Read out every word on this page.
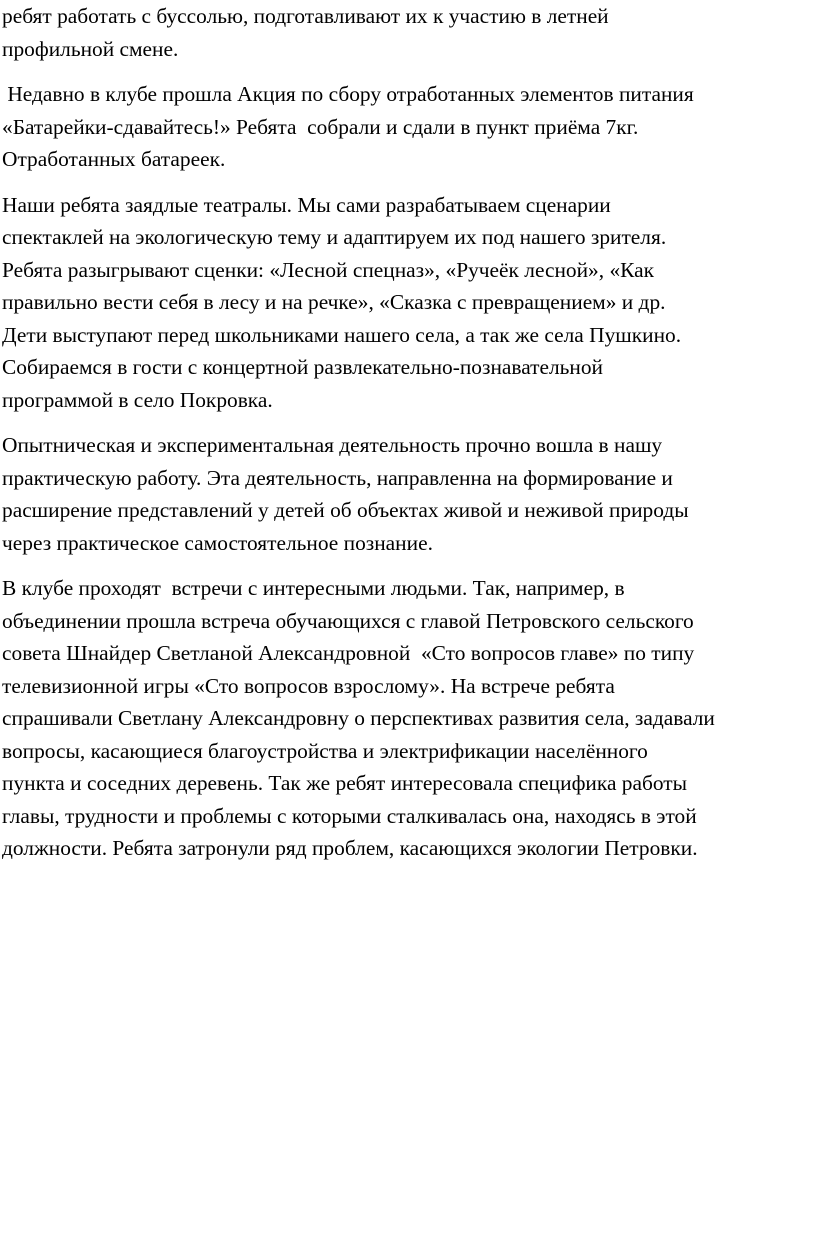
ребят работать с буссолью, подготавливают их к участию в летней
профильной смене.

Недавно в клубе прошла Акция по сбору отработанных элементов питания
«Батарейки-сдавайтесь!» Ребята  собрали и сдали в пункт приёма 7кг.
Отработанных батареек.

Наши ребята заядлые театралы. Мы сами разрабатываем сценарии
спектаклей на экологическую тему и адаптируем их под нашего зрителя.
Ребята разыгрывают сценки: «Лесной спецназ», «Ручеёк лесной», «Как
правильно вести себя в лесу и на речке», «Сказка с превращением» и др.
Дети выступают перед школьниками нашего села, а так же села Пушкино.
Собираемся в гости с концертной развлекательно-познавательной
программой в село Покровка.

Опытническая и экспериментальная деятельность прочно вошла в нашу
практическую работу. Эта деятельность, направленна на формирование и
расширение представлений у детей об объектах живой и неживой природы
через практическое самостоятельное познание.

В клубе проходят  встречи с интересными людьми. Так, например, в
объединении прошла встреча обучающихся с главой Петровского сельского
совета Шнайдер Светланой Александровной  «Сто вопросов главе» по типу
телевизионной игры «Сто вопросов взрослому». На встрече ребята
спрашивали Светлану Александровну о перспективах развития села, задавали
вопросы, касающиеся благоустройства и электрификации населённого
пункта и соседних деревень. Так же ребят интересовала специфика работы
главы, трудности и проблемы с которыми сталкивалась она, находясь в этой
должности. Ребята затронули ряд проблем, касающихся экологии Петровки.
